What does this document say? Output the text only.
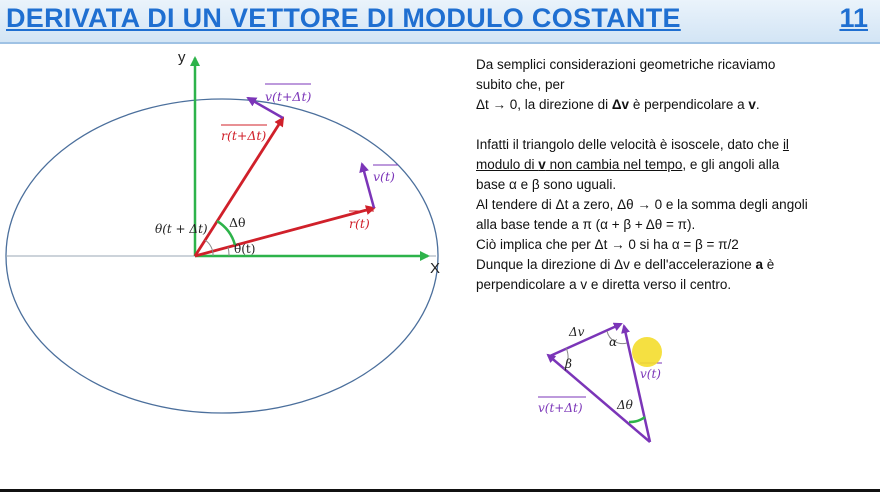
DERIVATA DI UN VETTORE DI MODULO COSTANTE	11
y
X
v(t+Δt)
r(t+Δt)
v(t)
r(t)
Δθ
θ(t + Δt)
θ(t)

Da semplici considerazioni geometriche ricaviamo

subito che, per

Δt → 0, la direzione di Δv è perpendicolare a v.

Infatti il triangolo delle velocità è isoscele, dato che il

modulo di v non cambia nel tempo, e gli angoli alla

base α e β sono uguali.

Al tendere di Δt a zero, Δθ → 0 e la somma degli angoli

alla base tende a π (α + β + Δθ = π).

Ciò implica che per Δt → 0 si ha α = β = π/2

Dunque la direzione di Δv e dell'accelerazione a è

perpendicolare a v e diretta verso il centro.

Δv
α
β
v(t)
v(t+Δt)	Δθ
